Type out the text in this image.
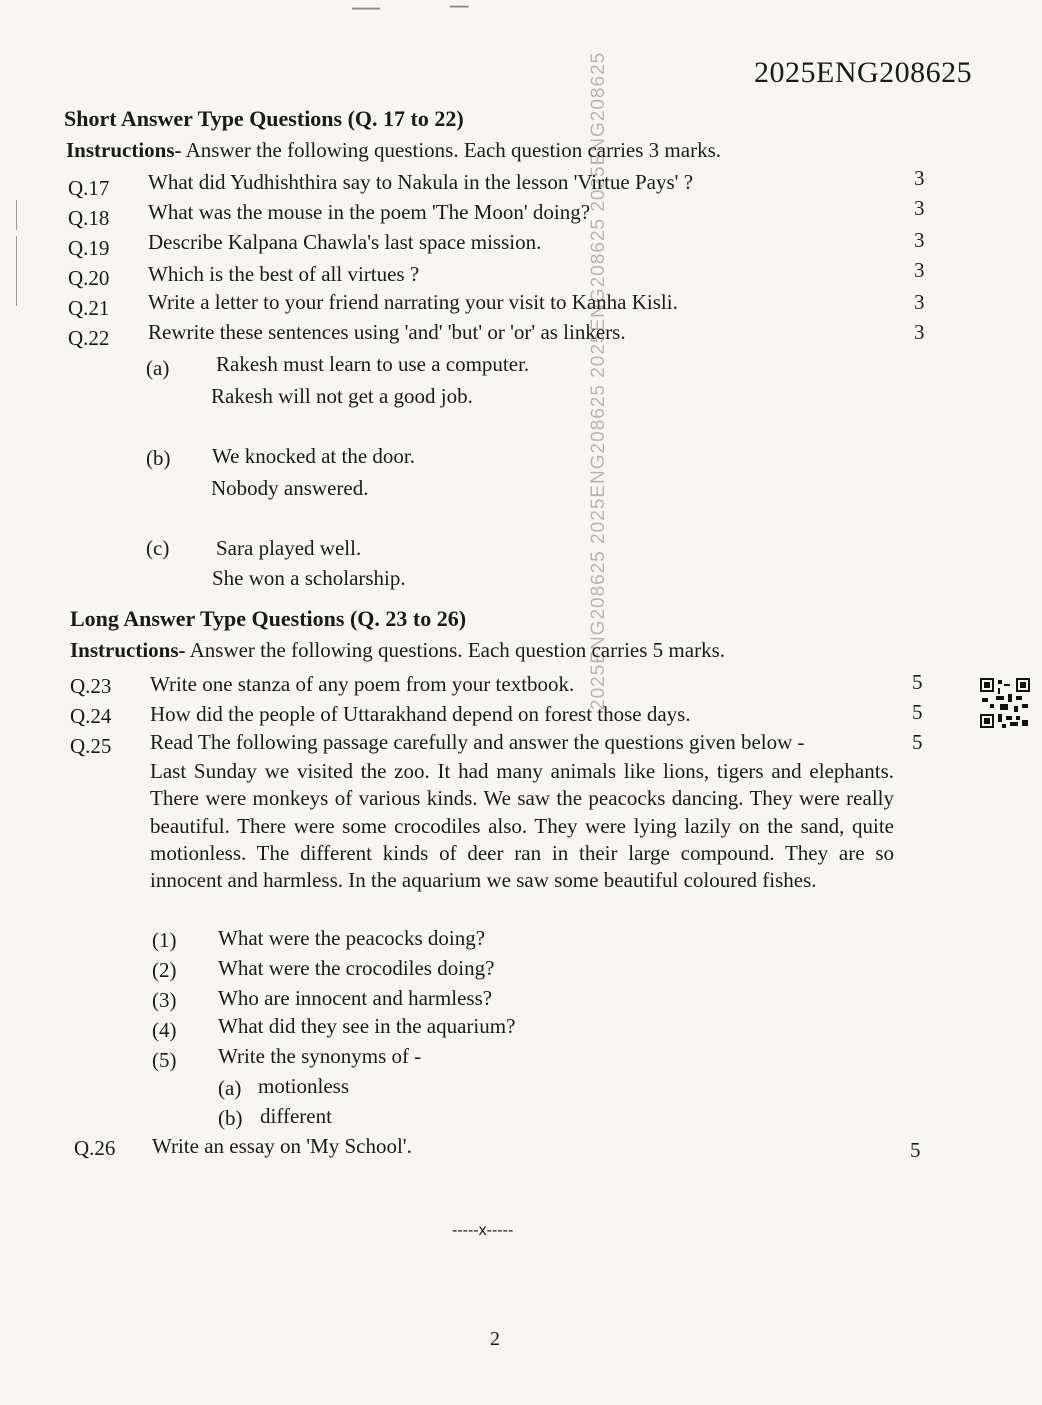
▔▔▔	▔▔
2025ENG208625
2025ENG208625 2025ENG208625 2025ENG208625 2025ENG208625
Short Answer Type Questions (Q. 17 to 22)
Instructions- Answer the following questions. Each question carries 3 marks.
Q.17 What did Yudhishthira say to Nakula in the lesson 'Virtue Pays' ?	3
Q.18 What was the mouse in the poem 'The Moon' doing?	3
Q.19 Describe Kalpana Chawla's last space mission.	3
Q.20 Which is the best of all virtues ?	3
Q.21 Write a letter to your friend narrating your visit to Kanha Kisli.	3
Q.22 Rewrite these sentences using 'and' 'but' or 'or' as linkers.	3
(a) Rakesh must learn to use a computer.
Rakesh will not get a good job.
(b) We knocked at the door.
Nobody answered.
(c) Sara played well.
She won a scholarship.
Long Answer Type Questions (Q. 23 to 26)
Instructions- Answer the following questions. Each question carries 5 marks.
Q.23 Write one stanza of any poem from your textbook.	5
Q.24 How did the people of Uttarakhand depend on forest those days.	5
Q.25 Read The following passage carefully and answer the questions given below -	5
Last Sunday we visited the zoo. It had many animals like lions, tigers and elephants. There were monkeys of various kinds. We saw the peacocks dancing. They were really beautiful. There were some crocodiles also. They were lying lazily on the sand, quite motionless. The different kinds of deer ran in their large compound. They are so innocent and harmless. In the aquarium we saw some beautiful coloured fishes.
(1) What were the peacocks doing?
(2) What were the crocodiles doing?
(3) Who are innocent and harmless?
(4) What did they see in the aquarium?
(5) Write the synonyms of -
(a) motionless
(b) different
Q.26 Write an essay on 'My School'.	5
-----x-----
2
